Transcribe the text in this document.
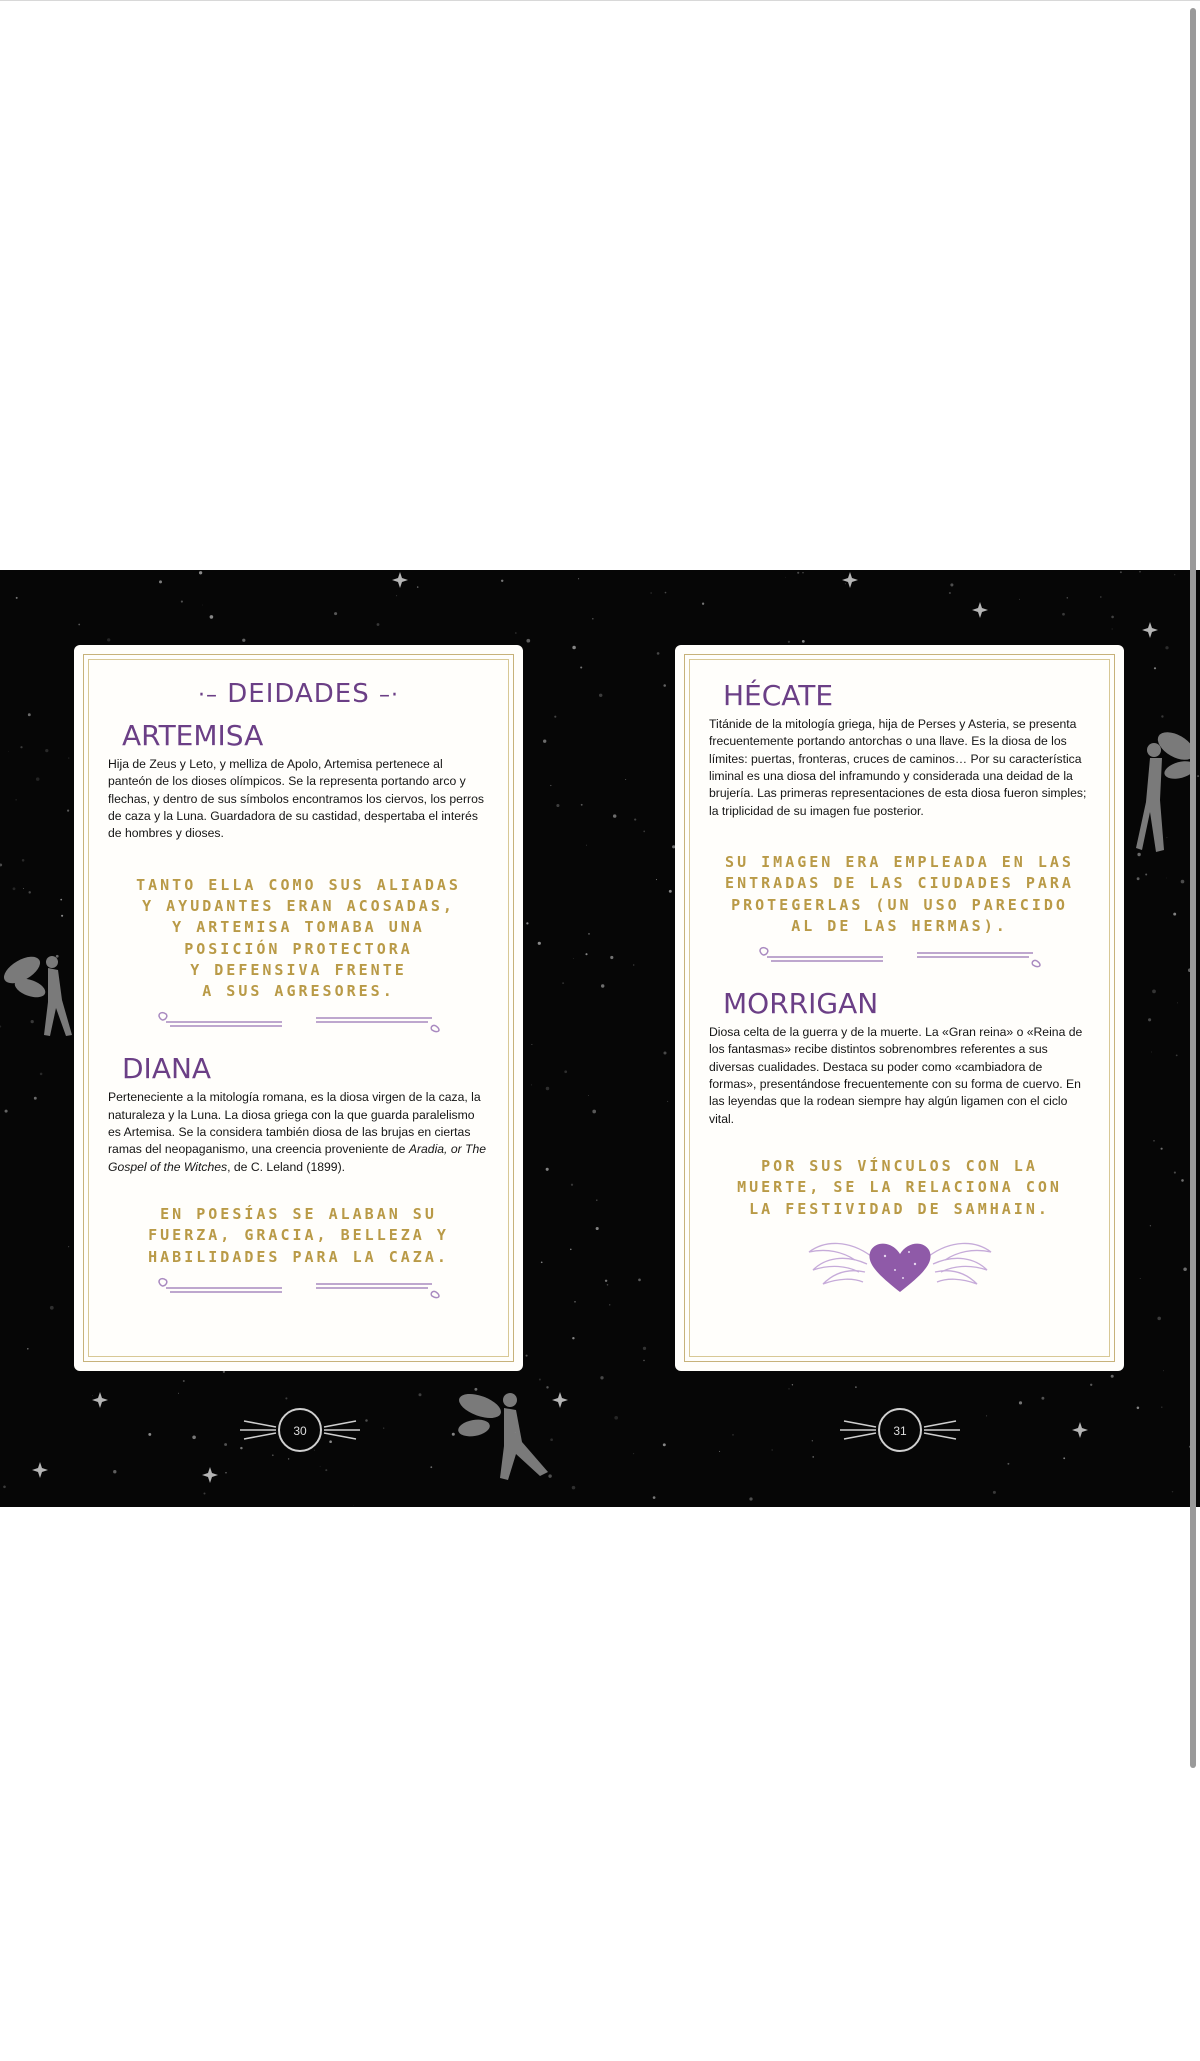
·– DEIDADES –·
ARTEMISA

Hija de Zeus y Leto, y melliza de Apolo, Artemisa pertenece al panteón de los dioses olímpicos. Se la representa portando arco y flechas, y dentro de sus símbolos encontramos los ciervos, los perros de caza y la Luna. Guardadora de su castidad, despertaba el interés de hombres y dioses.

TANTO ELLA COMO SUS ALIADAS
Y AYUDANTES ERAN ACOSADAS,
Y ARTEMISA TOMABA UNA
POSICIÓN PROTECTORA
Y DEFENSIVA FRENTE
A SUS AGRESORES.
DIANA

Perteneciente a la mitología romana, es la diosa virgen de la caza, la naturaleza y la Luna. La diosa griega con la que guarda paralelismo es Artemisa. Se la considera también diosa de las brujas en ciertas ramas del neopaganismo, una creencia proveniente de Aradia, or The Gospel of the Witches, de C. Leland (1899).

EN POESÍAS SE ALABAN SU
FUERZA, GRACIA, BELLEZA Y
HABILIDADES PARA LA CAZA.
HÉCATE

Titánide de la mitología griega, hija de Perses y Asteria, se presenta frecuentemente portando antorchas o una llave. Es la diosa de los límites: puertas, fronteras, cruces de caminos… Por su característica liminal es una diosa del inframundo y considerada una deidad de la brujería. Las primeras representaciones de esta diosa fueron simples; la triplicidad de su imagen fue posterior.

SU IMAGEN ERA EMPLEADA EN LAS
ENTRADAS DE LAS CIUDADES PARA
PROTEGERLAS (UN USO PARECIDO
AL DE LAS HERMAS).
MORRIGAN

Diosa celta de la guerra y de la muerte. La «Gran reina» o «Reina de los fantasmas» recibe distintos sobrenombres referentes a sus diversas cualidades. Destaca su poder como «cambiadora de formas», presentándose frecuentemente con su forma de cuervo. En las leyendas que la rodean siempre hay algún ligamen con el ciclo vital.

POR SUS VÍNCULOS CON LA
MUERTE, SE LA RELACIONA CON
LA FESTIVIDAD DE SAMHAIN.
30	31
